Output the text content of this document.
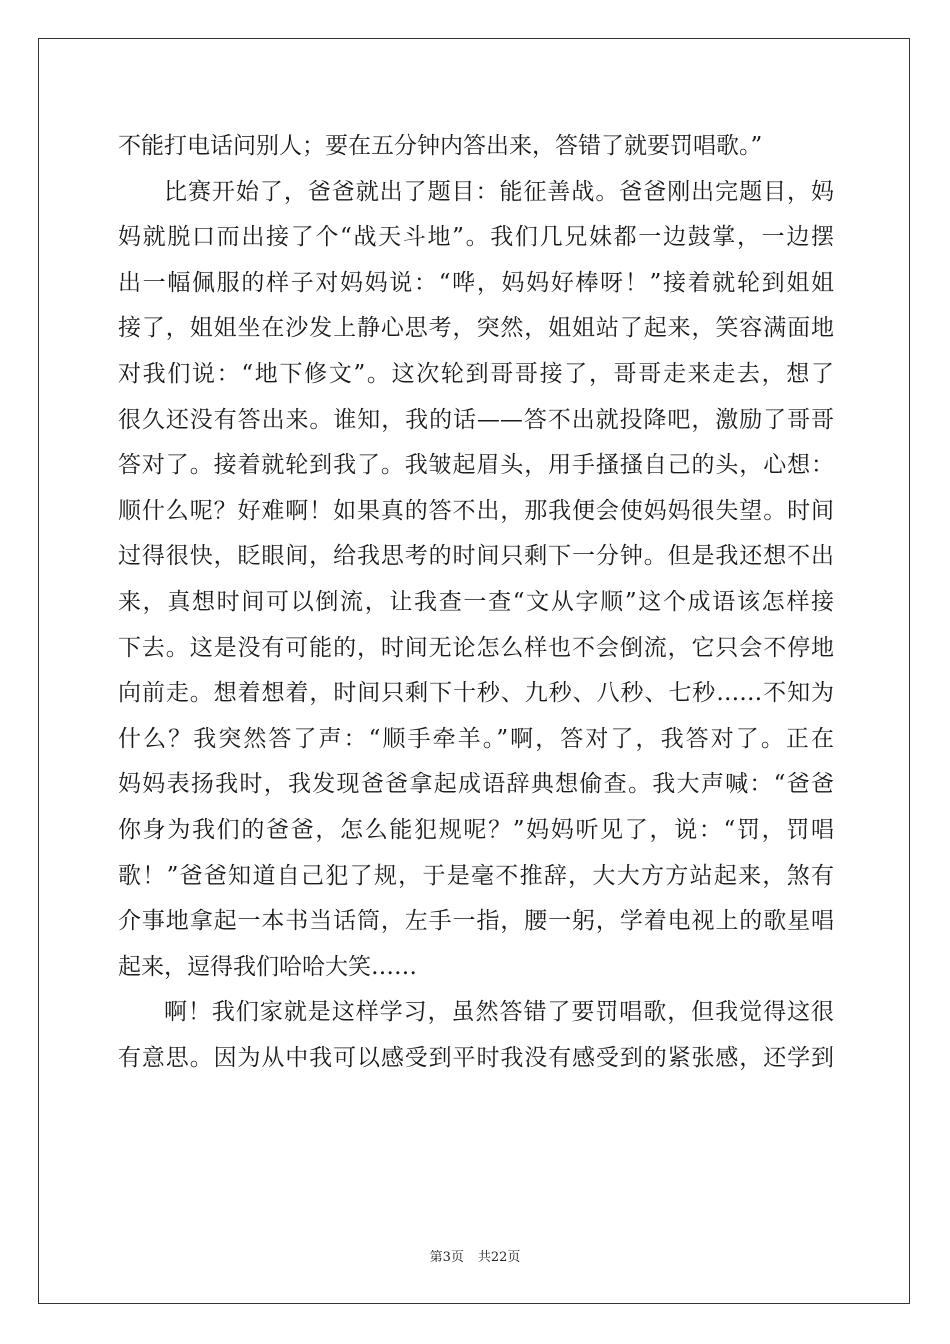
不能打电话问别人；要在五分钟内答出来，答错了就要罚唱歌。”
比赛开始了，爸爸就出了题目：能征善战。爸爸刚出完题目，妈
妈就脱口而出接了个“战天斗地”。我们几兄妹都一边鼓掌，一边摆
出一幅佩服的样子对妈妈说：“哗，妈妈好棒呀！”接着就轮到姐姐
接了，姐姐坐在沙发上静心思考，突然，姐姐站了起来，笑容满面地
对我们说：“地下修文”。这次轮到哥哥接了，哥哥走来走去，想了
很久还没有答出来。谁知，我的话——答不出就投降吧，激励了哥哥
答对了。接着就轮到我了。我皱起眉头，用手搔搔自己的头，心想：
顺什么呢？好难啊！如果真的答不出，那我便会使妈妈很失望。时间
过得很快，眨眼间，给我思考的时间只剩下一分钟。但是我还想不出
来，真想时间可以倒流，让我查一查“文从字顺”这个成语该怎样接
下去。这是没有可能的，时间无论怎么样也不会倒流，它只会不停地
向前走。想着想着，时间只剩下十秒、九秒、八秒、七秒……不知为
什么？我突然答了声：“顺手牵羊。”啊，答对了，我答对了。正在
妈妈表扬我时，我发现爸爸拿起成语辞典想偷查。我大声喊：“爸爸
你身为我们的爸爸，怎么能犯规呢？”妈妈听见了，说：“罚，罚唱
歌！”爸爸知道自己犯了规，于是毫不推辞，大大方方站起来，煞有
介事地拿起一本书当话筒，左手一指，腰一躬，学着电视上的歌星唱
起来，逗得我们哈哈大笑……
啊！我们家就是这样学习，虽然答错了要罚唱歌，但我觉得这很
有意思。因为从中我可以感受到平时我没有感受到的紧张感，还学到
第3页 共22页
